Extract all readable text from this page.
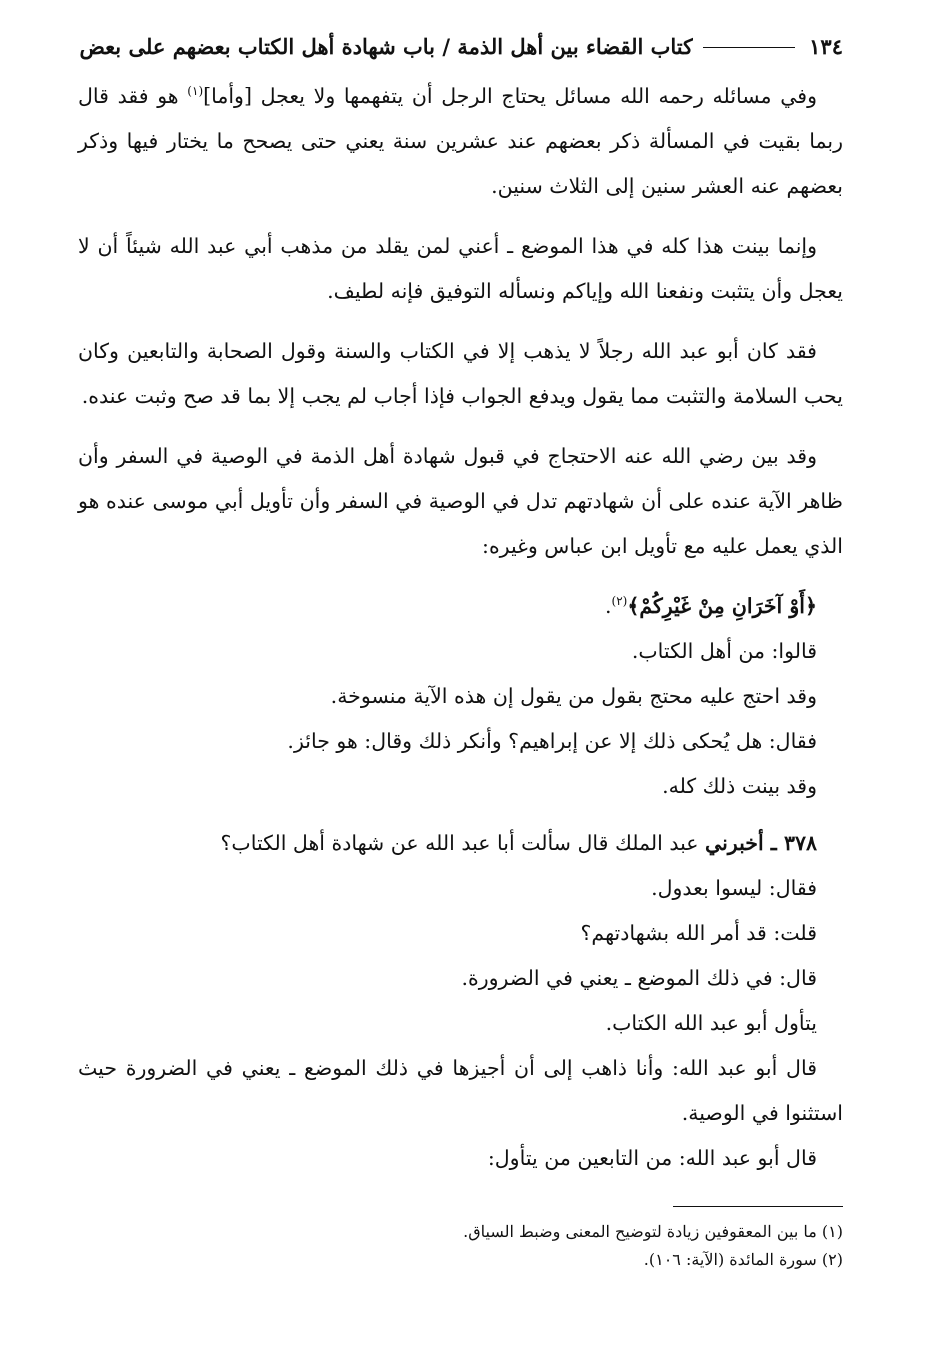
١٣٤
كتاب القضاء بين أهل الذمة / باب شهادة أهل الكتاب بعضهم على بعض

وفي مسائله رحمه الله مسائل يحتاج الرجل أن يتفهمها ولا يعجل [وأما]$^{(١)}$ هو فقد قال ربما بقيت في المسألة ذكر بعضهم عند عشرين سنة يعني حتى يصحح ما يختار فيها وذكر بعضهم عنه العشر سنين إلى الثلاث سنين.

وإنما بينت هذا كله في هذا الموضع ـ أعني لمن يقلد من مذهب أبي عبد الله شيئاً أن لا يعجل وأن يتثبت ونفعنا الله وإياكم ونسأله التوفيق فإنه لطيف.

فقد كان أبو عبد الله رجلاً لا يذهب إلا في الكتاب والسنة وقول الصحابة والتابعين وكان يحب السلامة والتثبت مما يقول ويدفع الجواب فإذا أجاب لم يجب إلا بما قد صح وثبت عنده.

وقد بين رضي الله عنه الاحتجاج في قبول شهادة أهل الذمة في الوصية في السفر وأن ظاهر الآية عنده على أن شهادتهم تدل في الوصية في السفر وأن تأويل أبي موسى عنده هو الذي يعمل عليه مع تأويل ابن عباس وغيره:

﴿أَوْ آخَرَانِ مِنْ غَيْرِكُمْ﴾$^{(٢)}$.

قالوا: من أهل الكتاب.

وقد احتج عليه محتج بقول من يقول إن هذه الآية منسوخة.

فقال: هل يُحكى ذلك إلا عن إبراهيم؟ وأنكر ذلك وقال: هو جائز.

وقد بينت ذلك كله.

٣٧٨ ـ أخبرني عبد الملك قال سألت أبا عبد الله عن شهادة أهل الكتاب؟

فقال: ليسوا بعدول.

قلت: قد أمر الله بشهادتهم؟

قال: في ذلك الموضع ـ يعني في الضرورة.

يتأول أبو عبد الله الكتاب.

قال أبو عبد الله: وأنا ذاهب إلى أن أجيزها في ذلك الموضع ـ يعني في الضرورة حيث استثنوا في الوصية.

قال أبو عبد الله: من التابعين من يتأول:

(١) ما بين المعقوفين زيادة لتوضيح المعنى وضبط السياق.

(٢) سورة المائدة (الآية: ١٠٦).
